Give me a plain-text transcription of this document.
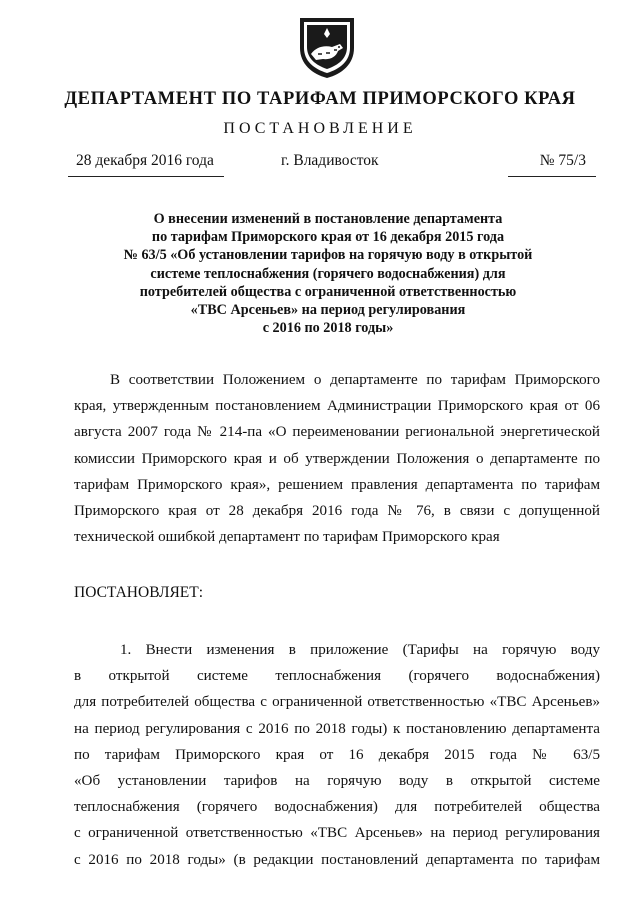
ДЕПАРТАМЕНТ ПО ТАРИФАМ ПРИМОРСКОГО КРАЯ
ПОСТАНОВЛЕНИЕ
28 декабря 2016 года	г. Владивосток	№ 75/3
О внесении изменений в постановление департамента
по тарифам Приморского края от 16 декабря 2015 года
№ 63/5 «Об установлении тарифов на горячую воду в открытой
системе теплоснабжения (горячего водоснабжения) для
потребителей общества с ограниченной ответственностью
«ТВС Арсеньев» на период регулирования
с 2016 по 2018 годы»
В соответствии Положением о департаменте по тарифам Приморского
края, утвержденным постановлением Администрации Приморского края от 06
августа 2007 года № 214-па «О переименовании региональной энергетической
комиссии Приморского края и об утверждении Положения о департаменте по
тарифам Приморского края», решением правления департамента по тарифам
Приморского края от 28 декабря 2016 года № 76, в связи с допущенной
технической ошибкой департамент по тарифам Приморского края
ПОСТАНОВЛЯЕТ:
1. Внести изменения в приложение (Тарифы на горячую воду
в открытой системе теплоснабжения (горячего водоснабжения)
для потребителей общества с ограниченной ответственностью «ТВС Арсеньев»
на период регулирования с 2016 по 2018 годы) к постановлению департамента
по тарифам Приморского края от 16 декабря 2015 года № 63/5
«Об установлении тарифов на горячую воду в открытой системе
теплоснабжения (горячего водоснабжения) для потребителей общества
с ограниченной ответственностью «ТВС Арсеньев» на период регулирования
с 2016 по 2018 годы» (в редакции постановлений департамента по тарифам
